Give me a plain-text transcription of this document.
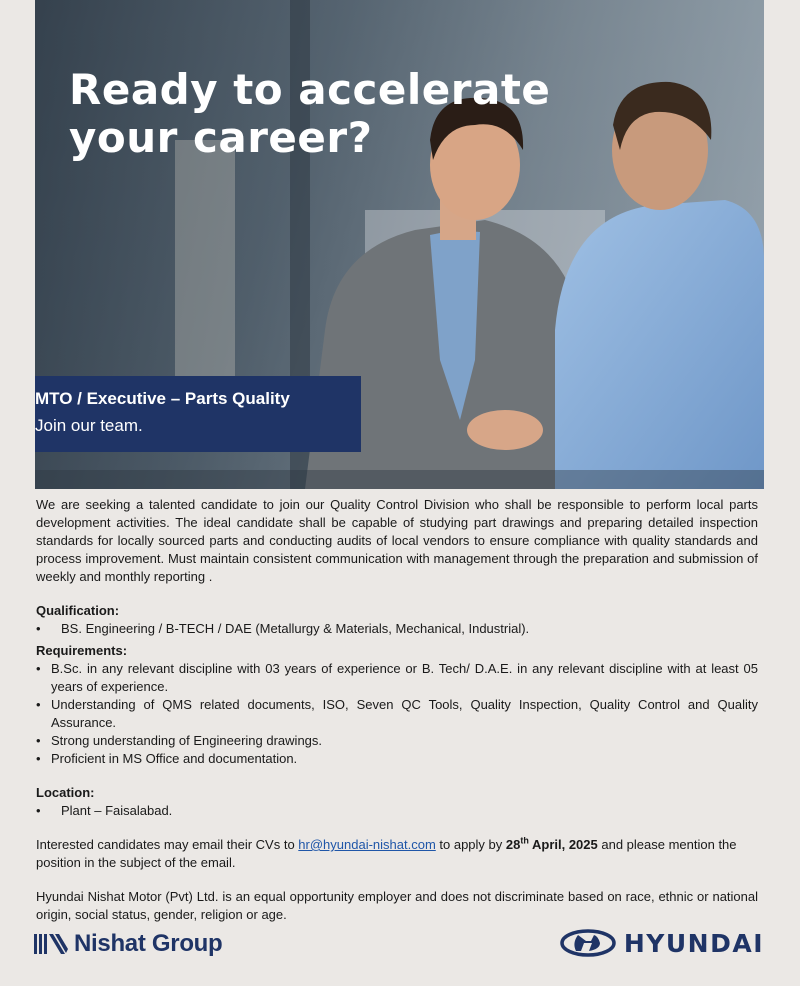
Ready to accelerate
your career?
MTO / Executive – Parts Quality
Join our team.

We are seeking a talented candidate to join our Quality Control Division who shall be responsible to perform local parts development activities. The ideal candidate shall be capable of studying part drawings and preparing detailed inspection standards for locally sourced parts and conducting audits of local vendors to ensure compliance with quality standards and process improvement. Must maintain consistent communication with management through the preparation and submission of weekly and monthly reporting .

Qualification:

• BS. Engineering / B-TECH / DAE (Metallurgy & Materials, Mechanical, Industrial).

Requirements:

• B.Sc. in any relevant discipline with 03 years of experience or B. Tech/ D.A.E. in any relevant discipline with at least 05 years of experience.
• Understanding of QMS related documents, ISO, Seven QC Tools, Quality Inspection, Quality Control and Quality Assurance.
• Strong understanding of Engineering drawings.
• Proficient in MS Office and documentation.

Location:

• Plant – Faisalabad.

Interested candidates may email their CVs to hr@hyundai-nishat.com to apply by 28th April, 2025 and please mention the position in the subject of the email.

Hyundai Nishat Motor (Pvt) Ltd. is an equal opportunity employer and does not discriminate based on race, ethnic or national origin, social status, gender, religion or age.

Nishat Group	HYUNDAI
